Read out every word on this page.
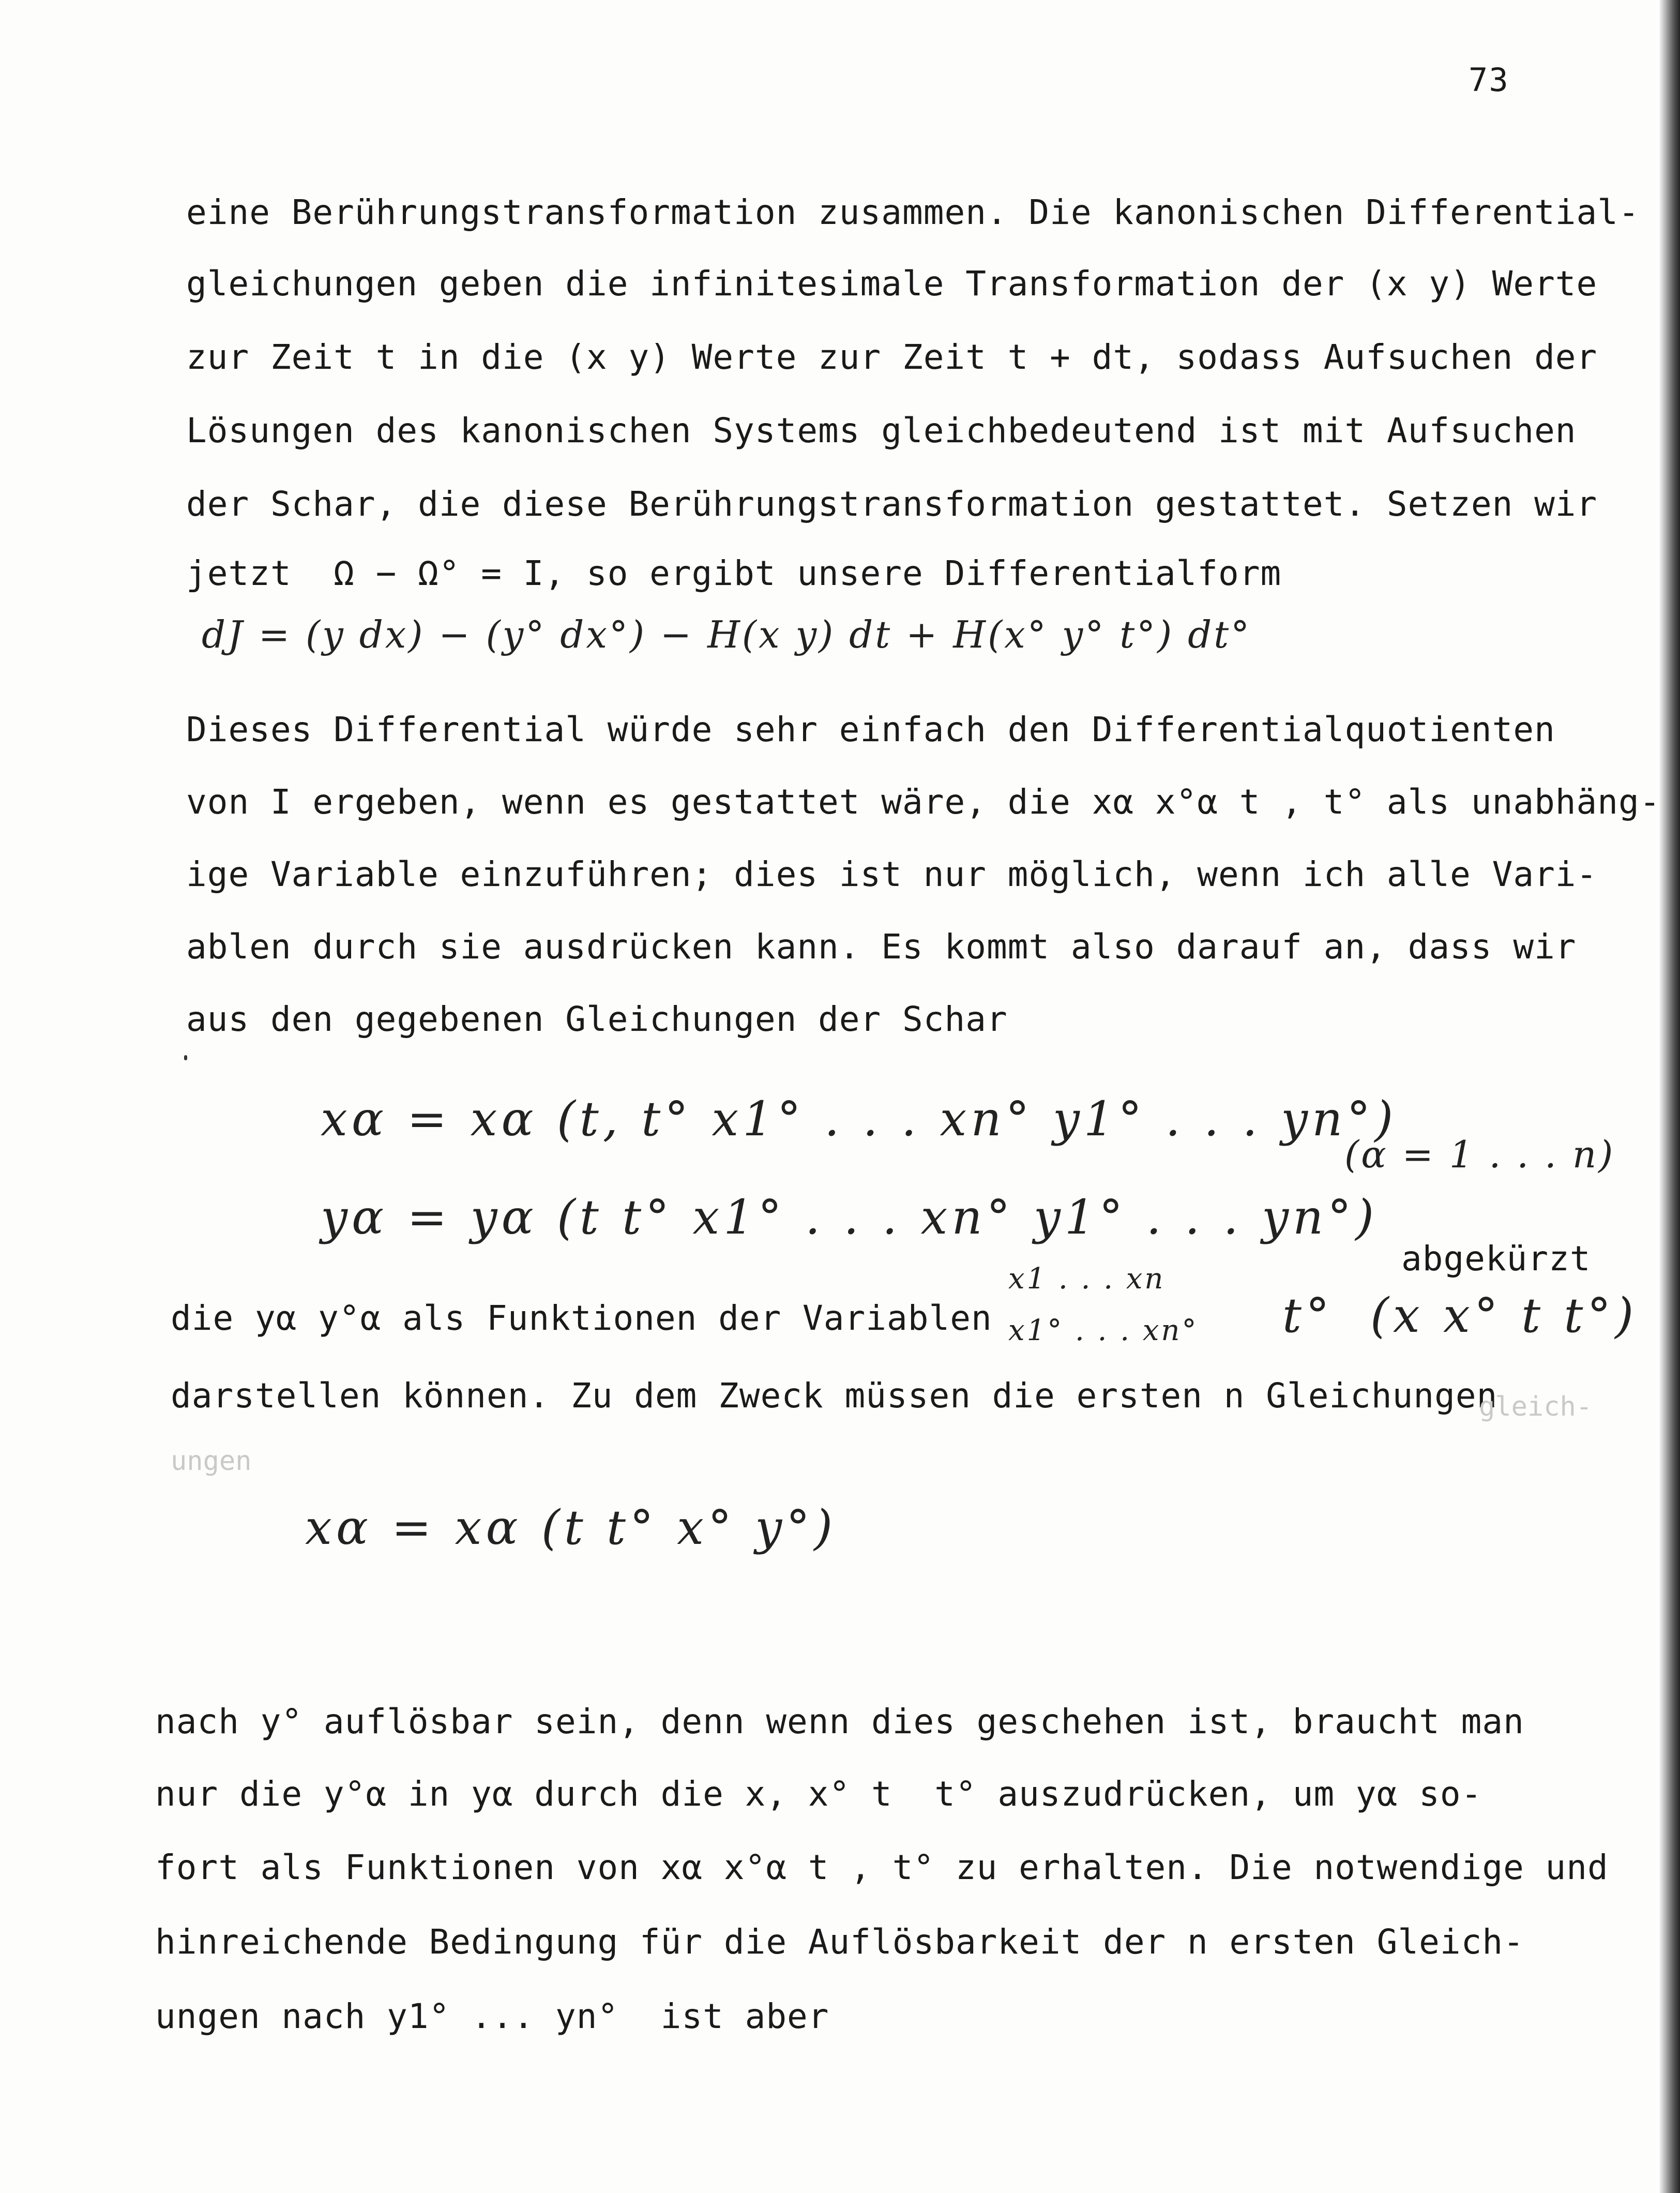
73
eine Berührungstransformation zusammen. Die kanonischen Differential-
gleichungen geben die infinitesimale Transformation der (x y) Werte
zur Zeit t in die (x y) Werte zur Zeit t + dt, sodass Aufsuchen der
Lösungen des kanonischen Systems gleichbedeutend ist mit Aufsuchen
der Schar, die diese Berührungstransformation gestattet. Setzen wir
jetzt  Ω − Ω° = I, so ergibt unsere Differentialform
dJ = (y dx) − (y° dx°) − H(x y) dt + H(x° y° t°) dt°
Dieses Differential würde sehr einfach den Differentialquotienten
von I ergeben, wenn es gestattet wäre, die xα x°α t , t° als unabhäng-
ige Variable einzuführen; dies ist nur möglich, wenn ich alle Vari-
ablen durch sie ausdrücken kann. Es kommt also darauf an, dass wir
aus den gegebenen Gleichungen der Schar
xα = xα (t, t° x1° . . . xn° y1° . . . yn°)
(α = 1 . . . n)
yα = yα (t t° x1° . . . xn° y1° . . . yn°)
abgekürzt
die yα y°α als Funktionen der Variablen
x1 . . . xn
x1° . . . xn° t° (x x° t t°)
darstellen können. Zu dem Zweck müssen die ersten n Gleichungen
gleich-
ungen
xα = xα (t t° x° y°)
nach y° auflösbar sein, denn wenn dies geschehen ist, braucht man
nur die y°α in yα durch die x, x° t  t° auszudrücken, um yα so-
fort als Funktionen von xα x°α t , t° zu erhalten. Die notwendige und
hinreichende Bedingung für die Auflösbarkeit der n ersten Gleich-
ungen nach y1° ... yn°  ist aber
